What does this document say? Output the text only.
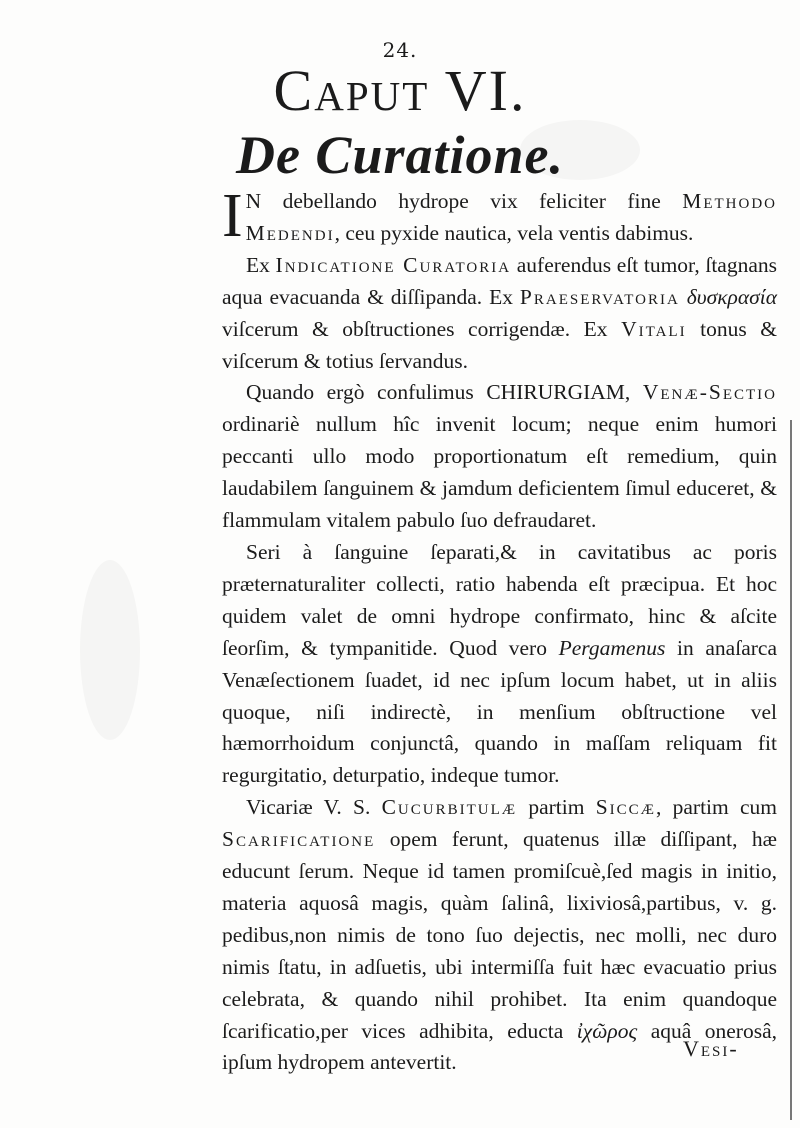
24.
Caput VI.
De Curatione.

I N debellando hydrope vix feliciter fine Methodo Medendi, ceu pyxide nautica, vela ventis dabimus.

Ex Indicatione Curatoria auferendus eſt tumor, ſtagnans aqua evacuanda & diſſipanda. Ex Praeservatoria δυσκρασία viſcerum & obſtructiones corrigendæ. Ex Vitali tonus & viſcerum & totius ſervandus.

Quando ergò confulimus CHIRURGIAM, Venæ-Sectio ordinariè nullum hîc invenit locum; neque enim humori peccanti ullo modo proportionatum eſt remedium, quin laudabilem ſanguinem & jamdum deficientem ſimul educeret, & flammulam vitalem pabulo ſuo defraudaret.

Seri à ſanguine ſeparati,& in cavitatibus ac poris præternaturaliter collecti, ratio habenda eſt præcipua. Et hoc quidem valet de omni hydrope confirmato, hinc & aſcite ſeorſim, & tympanitide. Quod vero Pergamenus in anaſarca Venæſectionem ſuadet, id nec ipſum locum habet, ut in aliis quoque, niſi indirectè, in menſium obſtructione vel hæmorrhoidum conjunctâ, quando in maſſam reliquam fit regurgitatio, deturpatio, indeque tumor.

Vicariæ V. S. Cucurbitulæ partim Siccæ, partim cum Scarificatione opem ferunt, quatenus illæ diſſipant, hæ educunt ſerum. Neque id tamen promiſcuè,ſed magis in initio, materia aquosâ magis, quàm ſalinâ, lixiviosâ,partibus, v. g. pedibus,non nimis de tono ſuo dejectis, nec molli, nec duro nimis ſtatu, in adſuetis, ubi intermiſſa fuit hæc evacuatio prius celebrata, & quando nihil prohibet. Ita enim quandoque ſcarificatio,per vices adhibita, educta ἰχῶρος aquâ onerosâ, ipſum hydropem antevertit.

Vesi-
